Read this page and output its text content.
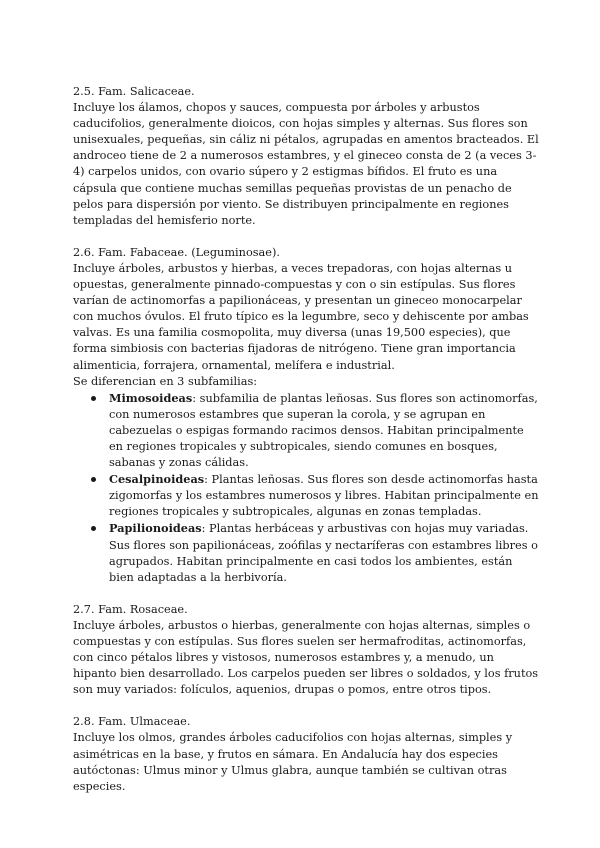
2.5. Fam. Salicaceae.

Incluye los álamos, chopos y sauces, compuesta por árboles y arbustos caducifolios, generalmente dioicos, con hojas simples y alternas. Sus flores son unisexuales, pequeñas, sin cáliz ni pétalos, agrupadas en amentos bracteados. El androceo tiene de 2 a numerosos estambres, y el gineceo consta de 2 (a veces 3-4) carpelos unidos, con ovario súpero y 2 estigmas bífidos. El fruto es una cápsula que contiene muchas semillas pequeñas provistas de un penacho de pelos para dispersión por viento. Se distribuyen principalmente en regiones templadas del hemisferio norte.

2.6. Fam. Fabaceae. (Leguminosae).

Incluye árboles, arbustos y hierbas, a veces trepadoras, con hojas alternas u opuestas, generalmente pinnado-compuestas y con o sin estípulas. Sus flores varían de actinomorfas a papilionáceas, y presentan un gineceo monocarpelar con muchos óvulos. El fruto típico es la legumbre, seco y dehiscente por ambas valvas. Es una familia cosmopolita, muy diversa (unas 19,500 especies), que forma simbiosis con bacterias fijadoras de nitrógeno. Tiene gran importancia alimenticia, forrajera, ornamental, melífera e industrial.

Se diferencian en 3 subfamilias:

Mimosoideas: subfamilia de plantas leñosas. Sus flores son actinomorfas, con numerosos estambres que superan la corola, y se agrupan en cabezuelas o espigas formando racimos densos. Habitan principalmente en regiones tropicales y subtropicales, siendo comunes en bosques, sabanas y zonas cálidas.
Cesalpinoideas: Plantas leñosas. Sus flores son desde actinomorfas hasta zigomorfas y los estambres numerosos y libres. Habitan principalmente en regiones tropicales y subtropicales, algunas en zonas templadas.
Papilionoideas: Plantas herbáceas y arbustivas con hojas muy variadas. Sus flores son papilionáceas, zoófilas y nectaríferas con estambres libres o agrupados. Habitan principalmente en casi todos los ambientes, están bien adaptadas a la herbivoría.

2.7. Fam. Rosaceae.

Incluye árboles, arbustos o hierbas, generalmente con hojas alternas, simples o compuestas y con estípulas. Sus flores suelen ser hermafroditas, actinomorfas, con cinco pétalos libres y vistosos, numerosos estambres y, a menudo, un hipanto bien desarrollado. Los carpelos pueden ser libres o soldados, y los frutos son muy variados: folículos, aquenios, drupas o pomos, entre otros tipos.

2.8. Fam. Ulmaceae.

Incluye los olmos, grandes árboles caducifolios con hojas alternas, simples y asimétricas en la base, y frutos en sámara. En Andalucía hay dos especies autóctonas: Ulmus minor y Ulmus glabra, aunque también se cultivan otras especies.
